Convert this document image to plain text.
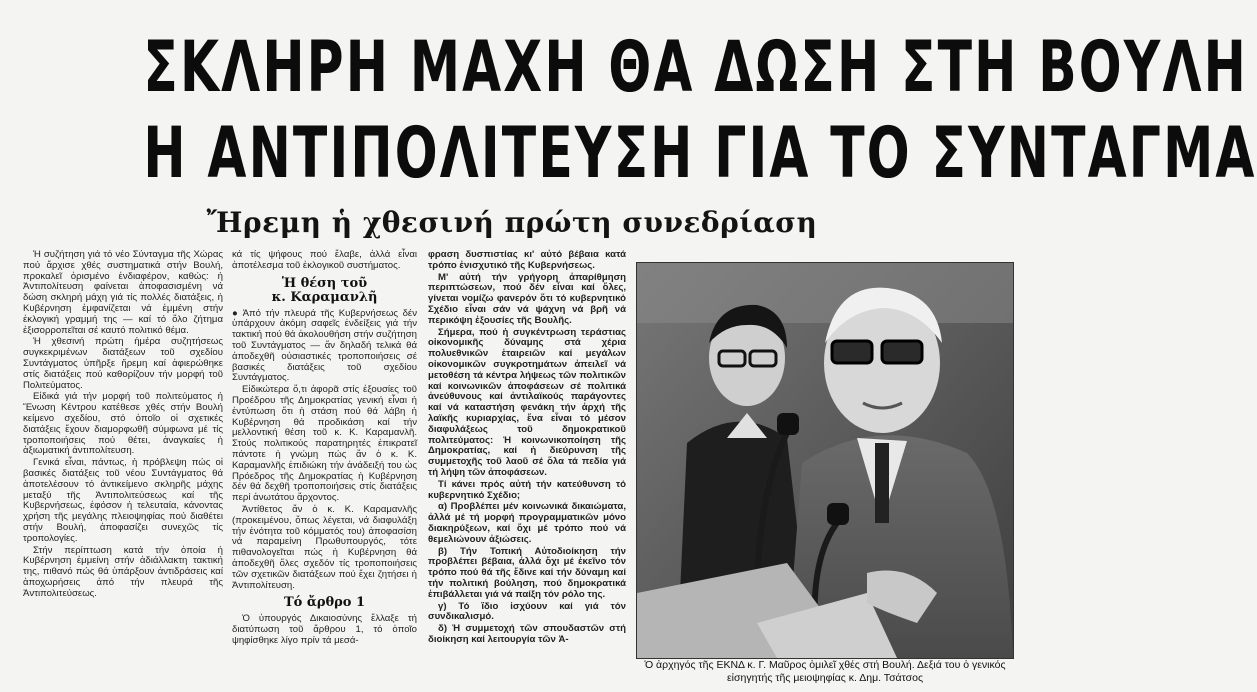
ΣΚΛΗΡΗ ΜΑΧΗ ΘΑ ΔΩΣΗ ΣΤΗ ΒΟΥΛΗ
Η ΑΝΤΙΠΟΛΙΤΕΥΣΗ ΓΙΑ ΤΟ ΣΥΝΤΑΓΜΑ
Ἤρεμη ἡ χθεσινή πρώτη συνεδρίαση

Ἡ συζήτηση γιά τό νέο Σύνταγμα τῆς Χώρας πού ἄρχισε χθές συστηματικά στήν Βουλή, προκαλεῖ ὀρισμένο ἐνδιαφέρον, καθώς: ἡ Ἀντιπολίτευση φαίνεται ἀποφασισμένη νά δώση σκληρή μάχη γιά τίς πολλές διατάξεις, ἡ Κυβέρνηση ἐμφανίζεται νά ἐμμένη στήν ἐκλογική γραμμή της — καί τό ὅλο ζήτημα ἐξισορροπεῖται σέ καυτό πολιτικό θέμα.

Ἡ χθεσινή πρώτη ἡμέρα συζητήσεως συγκεκριμένων διατάξεων τοῦ σχεδίου Συντάγματος ὑπῆρξε ἤρεμη καί ἀφιερώθηκε στίς διατάξεις πού καθορίζουν τήν μορφή τοῦ Πολιτεύματος.

Εἰδικά γιά τήν μορφή τοῦ πολιτεύματος ἡ Ἕνωση Κέντρου κατέθεσε χθές στήν Βουλή κείμενο σχεδίου, στό ὁποῖο οἱ σχετικές διατάξεις ἔχουν διαμορφωθῆ σύμφωνα μέ τίς τροποποιήσεις πού θέτει, ἀναγκαίες ἡ ἀξιωματική ἀντιπολίτευση.

Γενικά εἶναι, πάντως, ἡ πρόβλεψη πώς οἱ βασικές διατάξεις τοῦ νέου Συντάγματος θά ἀποτελέσουν τό ἀντικείμενο σκληρῆς μάχης μεταξύ τῆς Ἀντιπολιτεύσεως καί τῆς Κυβερνήσεως, ἐφόσον ἡ τελευταία, κάνοντας χρήση τῆς μεγάλης πλειοψηφίας πού διαθέτει στήν Βουλή, ἀποφασίζει συνεχῶς τίς τροπολογίες.

Στήν περίπτωση κατά τήν ὁποία ἡ Κυβέρνηση ἐμμείνη στήν ἀδιάλλακτη τακτική της, πιθανό πώς θά ὑπάρξουν ἀντιδράσεις καί ἀποχωρήσεις ἀπό τήν πλευρά τῆς Ἀντιπολιτεύσεως.

κά τίς ψήφους πού ἔλαβε, ἀλλά εἶναι ἀποτέλεσμα τοῦ ἐκλογικοῦ συστήματος.

Ἡ θέση τοῦ
κ. Καραμανλῆ

● Ἀπό τήν πλευρά τῆς Κυβερνήσεως δέν ὑπάρχουν ἀκόμη σαφεῖς ἐνδείξεις γιά τήν τακτική πού θά ἀκολουθήση στήν συζήτηση τοῦ Συντάγματος — ἄν δηλαδή τελικά θά ἀποδεχθῆ οὐσιαστικές τροποποιήσεις σέ βασικές διατάξεις τοῦ σχεδίου Συντάγματος.

Εἰδικώτερα ὅ,τι ἀφορᾶ στίς ἐξουσίες τοῦ Προέδρου τῆς Δημοκρατίας γενική εἶναι ἡ ἐντύπωση ὅτι ἡ στάση πού θά λάβη ἡ Κυβέρνηση θά προδικάση καί τήν μελλοντική θέση τοῦ κ. Κ. Καραμανλῆ. Στούς πολιτικούς παρατηρητές ἐπικρατεῖ πάντοτε ἡ γνώμη πώς ἄν ὁ κ. Κ. Καραμανλῆς ἐπιδιώκη τήν ἀνάδειξή του ὡς Πρόεδρος τῆς Δημοκρατίας ἡ Κυβέρνηση δέν θά δεχθῆ τροποποιήσεις στίς διατάξεις περί ἀνωτάτου ἄρχοντος.

Ἀντίθετος ἄν ὁ κ. Κ. Καραμανλῆς (προκειμένου, ὅπως λέγεται, νά διαφυλάξη τήν ἑνότητα τοῦ κόμματός του) ἀποφασίση νά παραμείνη Πρωθυπουργός, τότε πιθανολογεῖται πώς ἡ Κυβέρνηση θά ἀποδεχθῆ ὅλες σχεδόν τίς τροποποιήσεις τῶν σχετικῶν διατάξεων πού ἔχει ζητήσει ἡ Ἀντιπολίτευση.

Τό ἄρθρο 1

Ὁ ὑπουργός Δικαιοσύνης ἔλλαξε τή διατύπωση τοῦ ἄρθρου 1, τό ὁποῖο ψηφίσθηκε λίγο πρίν τά μεσά-

φραση δυσπιστίας κι' αὐτό βέβαια κατά τρόπο ἐνισχυτικό τῆς Κυβερνήσεως.

Μ' αὐτή τήν γρήγορη ἀπαρίθμηση περιπτώσεων, πού δέν εἶναι καί ὅλες, γίνεται νομίζω φανερόν ὅτι τό κυβερνητικό Σχέδιο εἶναι σάν νά ψάχνη νά βρῆ νά περικόψη ἐξουσίες τῆς Βουλῆς.

Σήμερα, πού ἡ συγκέντρωση τεράστιας οἰκονομικῆς δύναμης στά χέρια πολυεθνικῶν ἑταιρειῶν καί μεγάλων οἰκονομικῶν συγκροτημάτων ἀπειλεῖ νά μετοθέση τά κέντρα λήψεως τῶν πολιτικῶν καί κοινωνικῶν ἀποφάσεων σέ πολιτικά ἀνεύθυνους καί ἀντιλαϊκούς παράγοντες καί νά καταστήση φενάκη τήν ἀρχή τῆς λαϊκῆς κυριαρχίας, ἕνα εἶναι τό μέσον διαφυλάξεως τοῦ δημοκρατικοῦ πολιτεύματος: Ἡ κοινωνικοποίηση τῆς Δημοκρατίας, καί ἡ διεύρυνση τῆς συμμετοχῆς τοῦ λαοῦ σέ ὅλα τά πεδία γιά τή λήψη τῶν ἀποφάσεων.

Τί κάνει πρός αὐτή τήν κατεύθυνση τό κυβερνητικό Σχέδιο;

α) Προβλέπει μέν κοινωνικά δικαιώματα, ἀλλά μέ τή μορφή προγραμματικῶν μόνο διακηρύξεων, καί ὄχι μέ τρόπο πού νά θεμελιώνουν ἀξιώσεις.

β) Τήν Τοπική Αὐτοδιοίκηση τήν προβλέπει βέβαια, ἀλλά ὄχι μέ ἐκεῖνο τόν τρόπο πού θά τῆς ἔδινε καί τήν δύναμη καί τήν πολιτική βούληση, πού δημοκρατικά ἐπιβάλλεται γιά νά παίξη τόν ρόλο της.

γ) Τό ἴδιο ἰσχύουν καί γιά τόν συνδικαλισμό.

δ) Ἡ συμμετοχή τῶν σπουδαστῶν στή διοίκηση καί λειτουργία τῶν Ἀ-

Ὁ ἀρχηγός τῆς ΕΚΝΔ κ. Γ. Μαῦρος ὁμιλεῖ χθές στή Βουλή. Δεξιά του ὁ γενικός εἰσηγητής τῆς μειοψηφίας κ. Δημ. Τσάτσος
